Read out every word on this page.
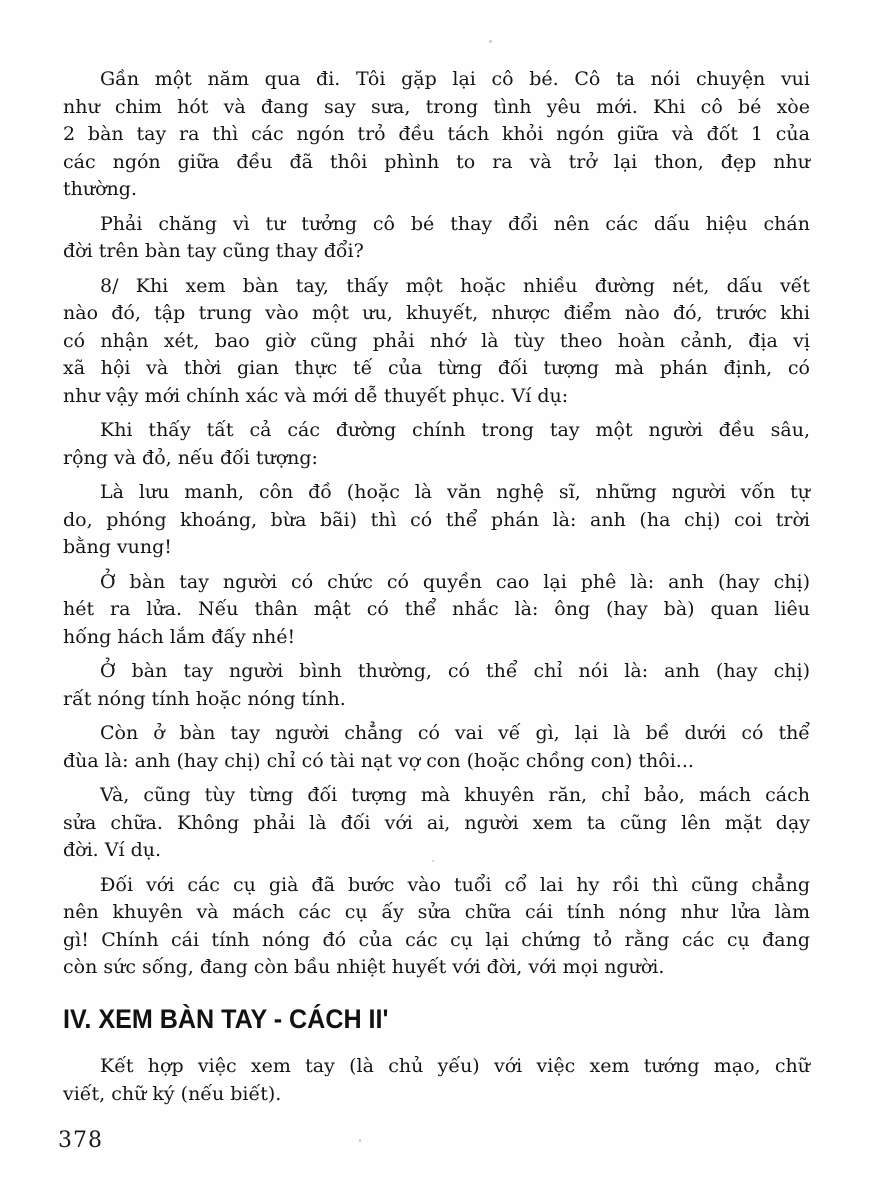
Gần một năm qua đi. Tôi gặp lại cô bé. Cô ta nói chuyện vui
như chim hót và đang say sưa, trong tình yêu mới. Khi cô bé xòe
2 bàn tay ra thì các ngón trỏ đều tách khỏi ngón giữa và đốt 1 của
các ngón giữa đều đã thôi phình to ra và trở lại thon, đẹp như
thường.
Phải chăng vì tư tưởng cô bé thay đổi nên các dấu hiệu chán
đời trên bàn tay cũng thay đổi?
8/ Khi xem bàn tay, thấy một hoặc nhiều đường nét, dấu vết
nào đó, tập trung vào một ưu, khuyết, nhược điểm nào đó, trước khi
có nhận xét, bao giờ cũng phải nhớ là tùy theo hoàn cảnh, địa vị
xã hội và thời gian thực tế của từng đối tượng mà phán định, có
như vậy mới chính xác và mới dễ thuyết phục. Ví dụ:
Khi thấy tất cả các đường chính trong tay một người đều sâu,
rộng và đỏ, nếu đối tượng:
Là lưu manh, côn đồ (hoặc là văn nghệ sĩ, những người vốn tự
do, phóng khoáng, bừa bãi) thì có thể phán là: anh (ha chị) coi trời
bằng vung!
Ở bàn tay người có chức có quyền cao lại phê là: anh (hay chị)
hét ra lửa. Nếu thân mật có thể nhắc là: ông (hay bà) quan liêu
hống hách lắm đấy nhé!
Ở bàn tay người bình thường, có thể chỉ nói là: anh (hay chị)
rất nóng tính hoặc nóng tính.
Còn ở bàn tay người chẳng có vai vế gì, lại là bề dưới có thể
đùa là: anh (hay chị) chỉ có tài nạt vợ con (hoặc chồng con) thôi...
Và, cũng tùy từng đối tượng mà khuyên răn, chỉ bảo, mách cách
sửa chữa. Không phải là đối với ai, người xem ta cũng lên mặt dạy
đời. Ví dụ.
Đối với các cụ già đã bước vào tuổi cổ lai hy rồi thì cũng chẳng
nên khuyên và mách các cụ ấy sửa chữa cái tính nóng như lửa làm
gì! Chính cái tính nóng đó của các cụ lại chứng tỏ rằng các cụ đang
còn sức sống, đang còn bầu nhiệt huyết với đời, với mọi người.
IV. XEM BÀN TAY - CÁCH II'
Kết hợp việc xem tay (là chủ yếu) với việc xem tướng mạo, chữ
viết, chữ ký (nếu biết).
378
